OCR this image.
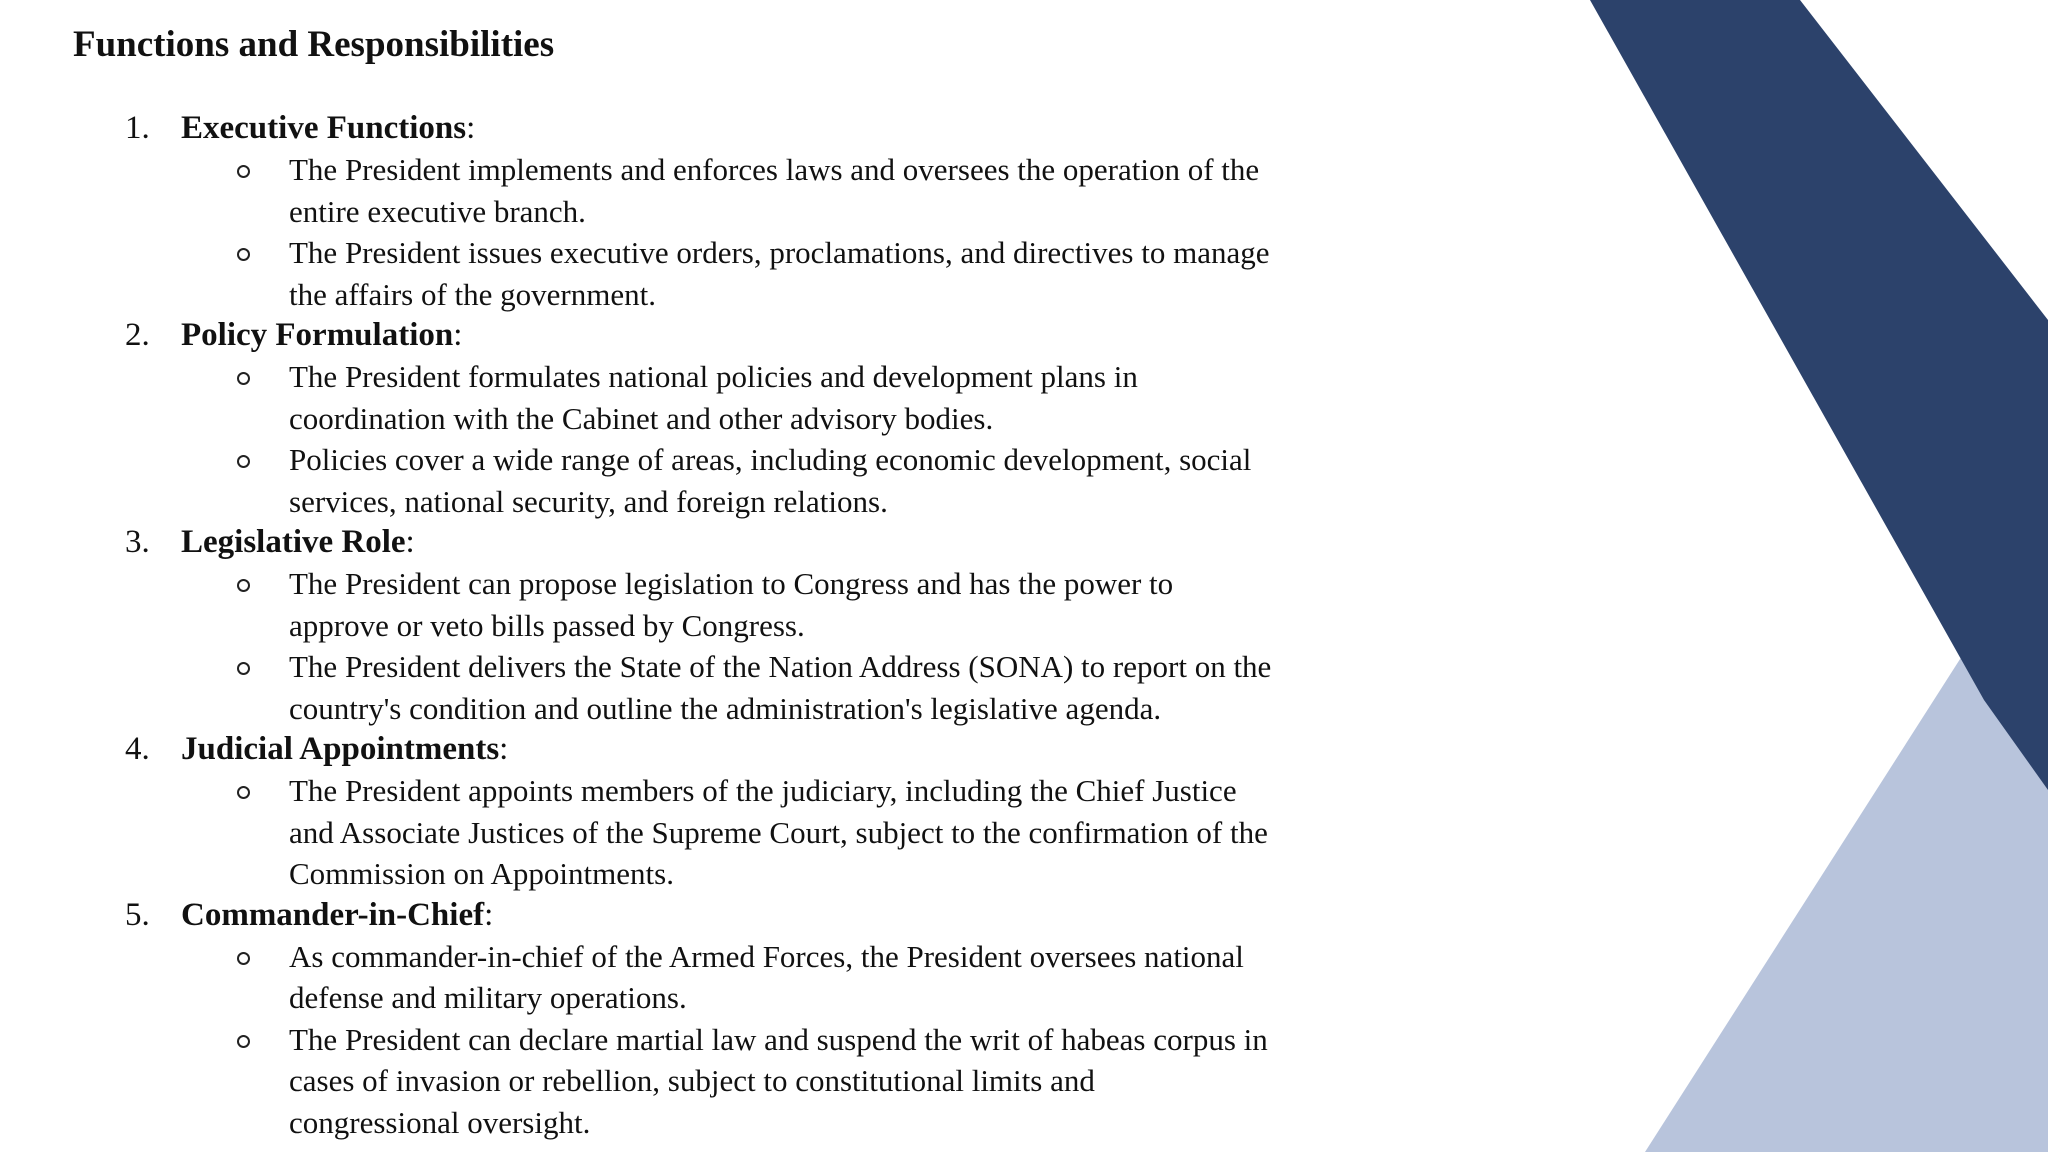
Functions and Responsibilities
1. Executive Functions:
The President implements and enforces laws and oversees the operation of the entire executive branch.
The President issues executive orders, proclamations, and directives to manage the affairs of the government.
2. Policy Formulation:
The President formulates national policies and development plans in coordination with the Cabinet and other advisory bodies.
Policies cover a wide range of areas, including economic development, social services, national security, and foreign relations.
3. Legislative Role:
The President can propose legislation to Congress and has the power to approve or veto bills passed by Congress.
The President delivers the State of the Nation Address (SONA) to report on the country's condition and outline the administration's legislative agenda.
4. Judicial Appointments:
The President appoints members of the judiciary, including the Chief Justice and Associate Justices of the Supreme Court, subject to the confirmation of the Commission on Appointments.
5. Commander-in-Chief:
As commander-in-chief of the Armed Forces, the President oversees national defense and military operations.
The President can declare martial law and suspend the writ of habeas corpus in cases of invasion or rebellion, subject to constitutional limits and congressional oversight.
